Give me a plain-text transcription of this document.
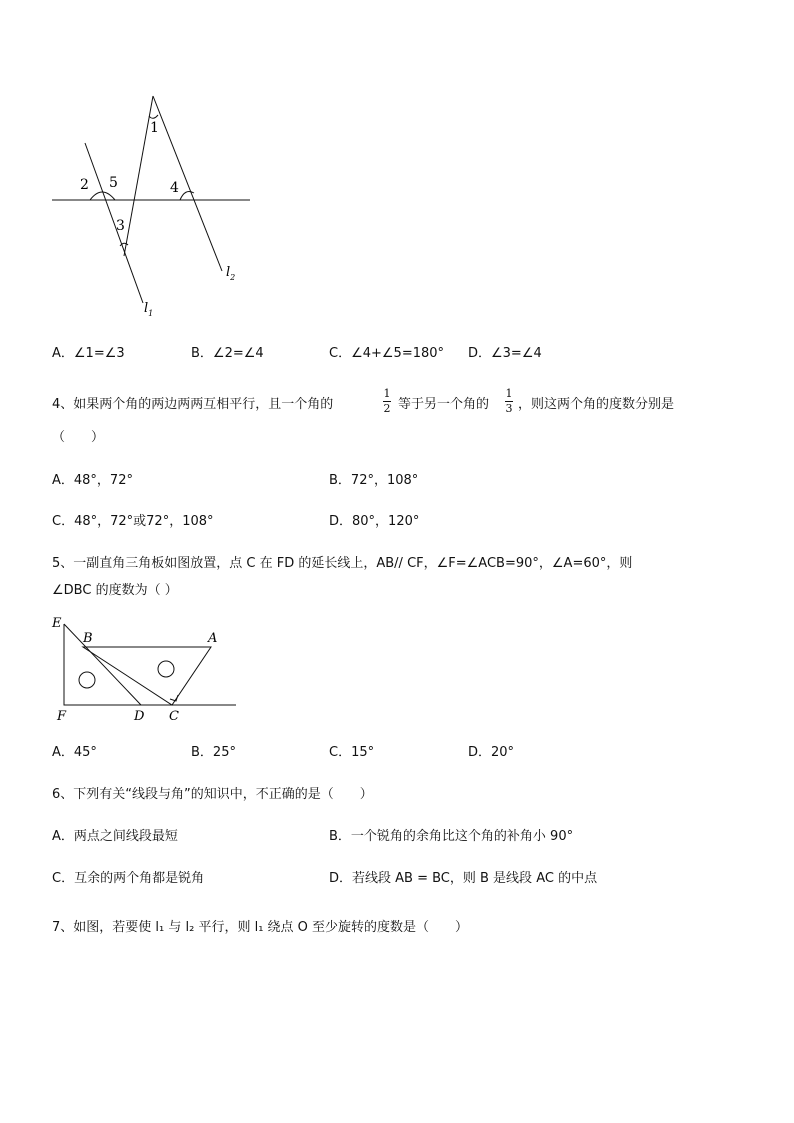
1
2 5
3
4
$l_1$
$l_2$
A．∠1=∠3	B．∠2=∠4	C．∠4+∠5=180° D．∠3=∠4
4、如果两个角的两边两两互相平行，且一个角的
1
2 等于另一个角的
1
3 ，则这两个角的度数分别是
（　　）
A．48°，72°	B．72°，108°
C．48°，72°或72°，108°	D．80°，120°
5、一副直角三角板如图放置，点 C 在 FD 的延长线上，AB// CF，∠F=∠ACB=90°，∠A=60°，则
∠DBC 的度数为（ ）
E
B	A
F	D C
A．45°	B．25°	C．15°	D．20°
6、下列有关“线段与角”的知识中，不正确的是（　　）
A．两点之间线段最短	B．一个锐角的余角比这个角的补角小 90°
C．互余的两个角都是锐角	D．若线段 AB = BC，则 B 是线段 AC 的中点
7、如图，若要使 l₁ 与 l₂ 平行，则 l₁ 绕点 O 至少旋转的度数是（　　）
